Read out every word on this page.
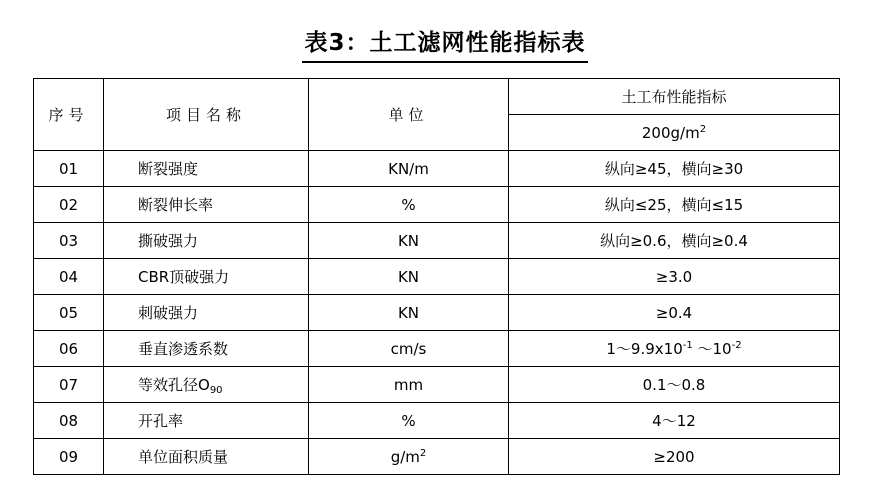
表3：土工滤网性能指标表
序号	项目名称	单位	土工布性能指标
			$200g/m^2$
01	断裂强度	KN/m	纵向≥45，横向≥30
02	断裂伸长率	%	纵向≤25，横向≤15
03	撕破强力	KN	纵向≥0.6，横向≥0.4
04	CBR顶破强力	KN	≥3.0
05	刺破强力	KN	≥0.4
06	垂直渗透系数	cm/s	$1\sim 9.9x10^{-1}$ $\sim 10^{-2}$
07	等效孔径$O_{90}$	mm	0.1～0.8
08	开孔率	%	4～12
09	单位面积质量	$g/m^2$	≥200
